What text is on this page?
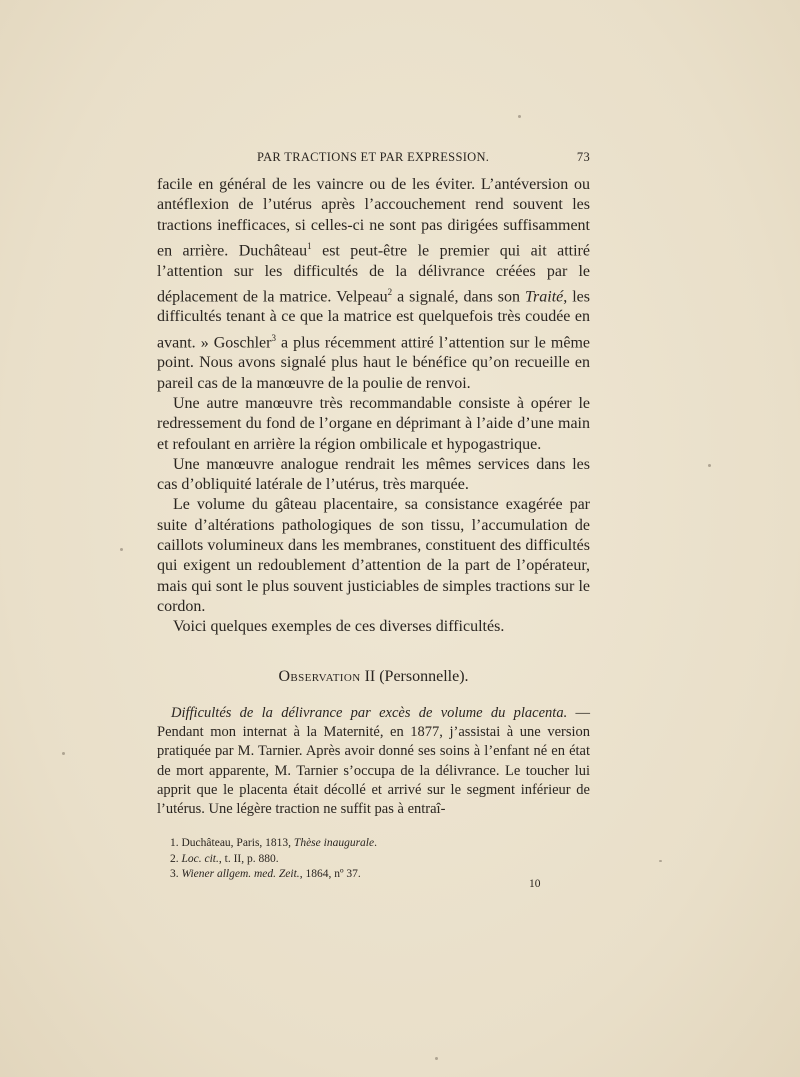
PAR TRACTIONS ET PAR EXPRESSION.	73

facile en général de les vaincre ou de les éviter. L’antéversion ou antéflexion de l’utérus après l’accouchement rend souvent les tractions inefficaces, si celles-ci ne sont pas dirigées suffisamment en arrière. Duchâteau$^1$ est peut-être le premier qui ait attiré l’attention sur les difficultés de la délivrance créées par le déplacement de la matrice. Velpeau$^2$ a signalé, dans son Traité, les difficultés tenant à ce que la matrice est quelquefois très coudée en avant. » Goschler$^3$ a plus récemment attiré l’attention sur le même point. Nous avons signalé plus haut le bénéfice qu’on recueille en pareil cas de la manœuvre de la poulie de renvoi.

Une autre manœuvre très recommandable consiste à opérer le redressement du fond de l’organe en déprimant à l’aide d’une main et refoulant en arrière la région ombilicale et hypogastrique.

Une manœuvre analogue rendrait les mêmes services dans les cas d’obliquité latérale de l’utérus, très marquée.

Le volume du gâteau placentaire, sa consistance exagérée par suite d’altérations pathologiques de son tissu, l’accumulation de caillots volumineux dans les membranes, constituent des difficultés qui exigent un redoublement d’attention de la part de l’opérateur, mais qui sont le plus souvent justiciables de simples tractions sur le cordon.

Voici quelques exemples de ces diverses difficultés.

Observation II (Personnelle).

Difficultés de la délivrance par excès de volume du placenta. — Pendant mon internat à la Maternité, en 1877, j’assistai à une version pratiquée par M. Tarnier. Après avoir donné ses soins à l’enfant né en état de mort apparente, M. Tarnier s’occupa de la délivrance. Le toucher lui apprit que le placenta était décollé et arrivé sur le segment inférieur de l’utérus. Une légère traction ne suffit pas à entraî-

1. Duchâteau, Paris, 1813, Thèse inaugurale.
2. Loc. cit., t. II, p. 880.
3. Wiener allgem. med. Zeit., 1864, nº 37.
10
